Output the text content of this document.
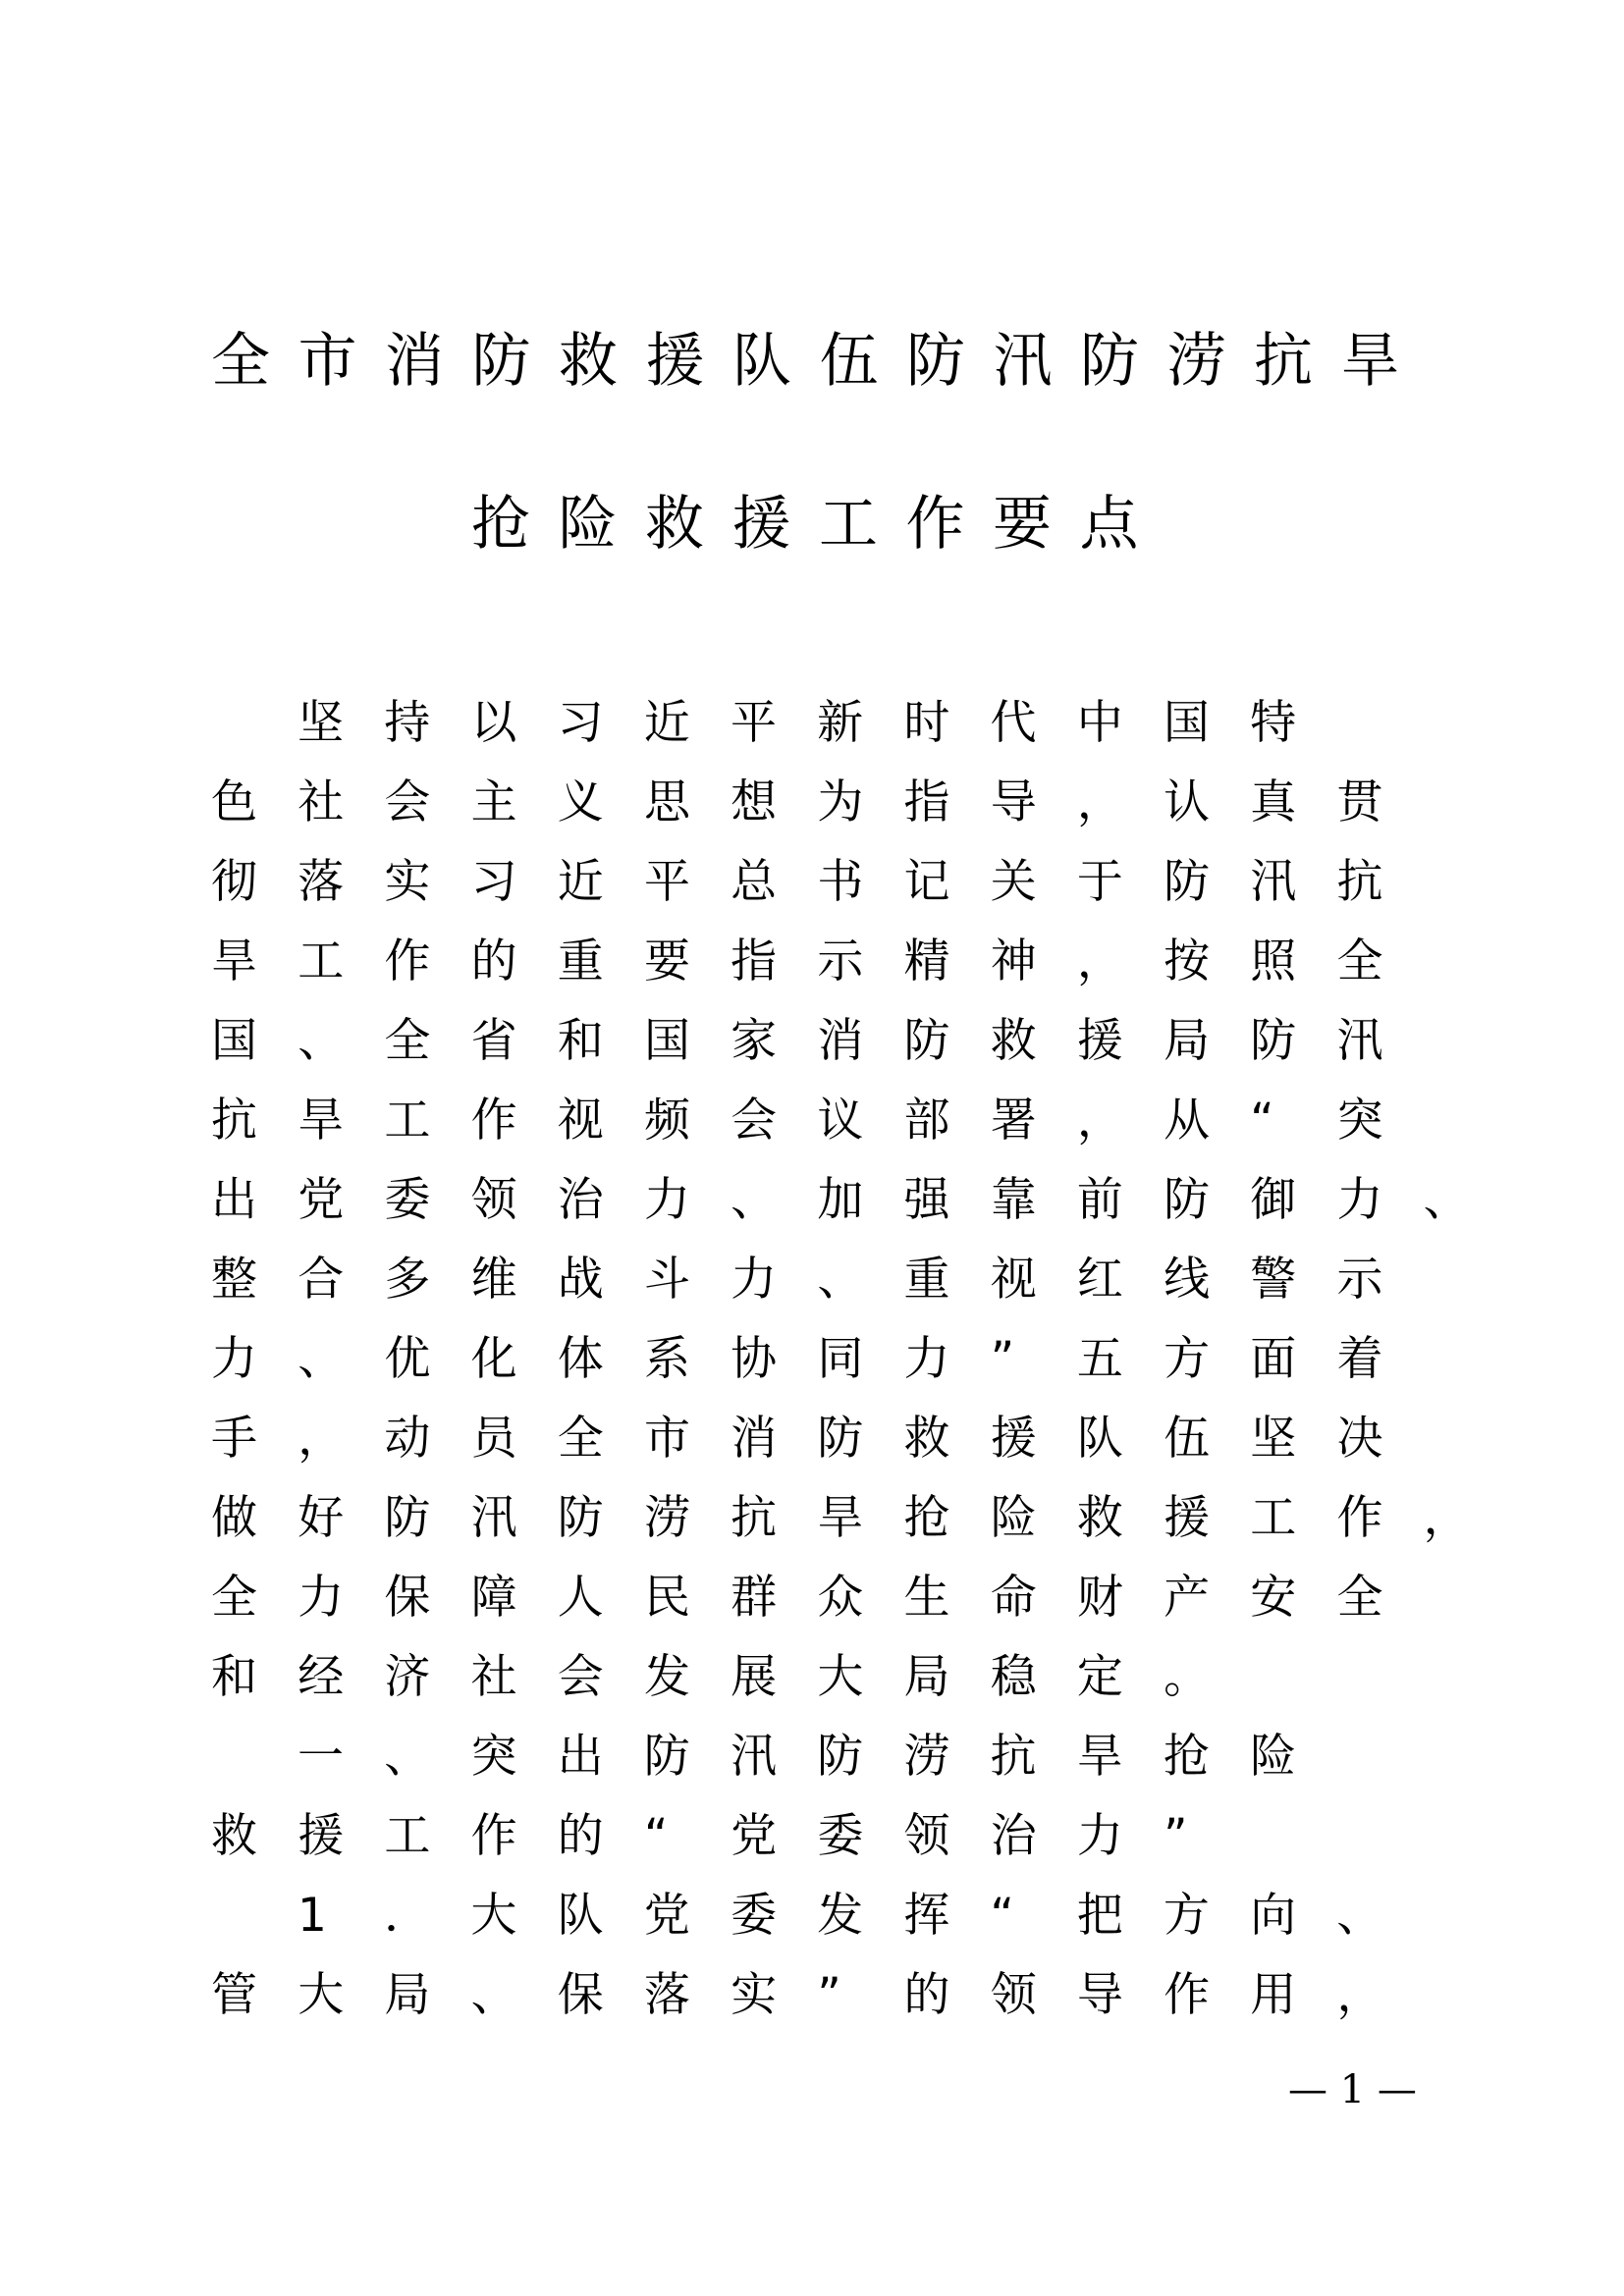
全 市 消 防 救 援 队 伍 防 汛 防 涝 抗 旱
抢 险 救 援 工 作 要 点
坚 持 以 习 近 平 新 时 代 中 国 特
色 社 会 主 义 思 想 为 指 导 ， 认 真 贯
彻 落 实 习 近 平 总 书 记 关 于 防 汛 抗
旱 工 作 的 重 要 指 示 精 神 ， 按 照 全
国 、 全 省 和 国 家 消 防 救 援 局 防 汛
抗 旱 工 作 视 频 会 议 部 署 ， 从 “ 突
出 党 委 领 治 力 、 加 强 靠 前 防 御 力 、
整 合 多 维 战 斗 力 、 重 视 红 线 警 示
力 、 优 化 体 系 协 同 力 ” 五 方 面 着
手 ， 动 员 全 市 消 防 救 援 队 伍 坚 决
做 好 防 汛 防 涝 抗 旱 抢 险 救 援 工 作 ，
全 力 保 障 人 民 群 众 生 命 财 产 安 全
和 经 济 社 会 发 展 大 局 稳 定 。
一 、 突 出 防 汛 防 涝 抗 旱 抢 险
救 援 工 作 的 “ 党 委 领 治 力 ”
1 ． 大 队 党 委 发 挥 “ 把 方 向 、
管 大 局 、 保 落 实 ” 的 领 导 作 用 ，
— 1 —
